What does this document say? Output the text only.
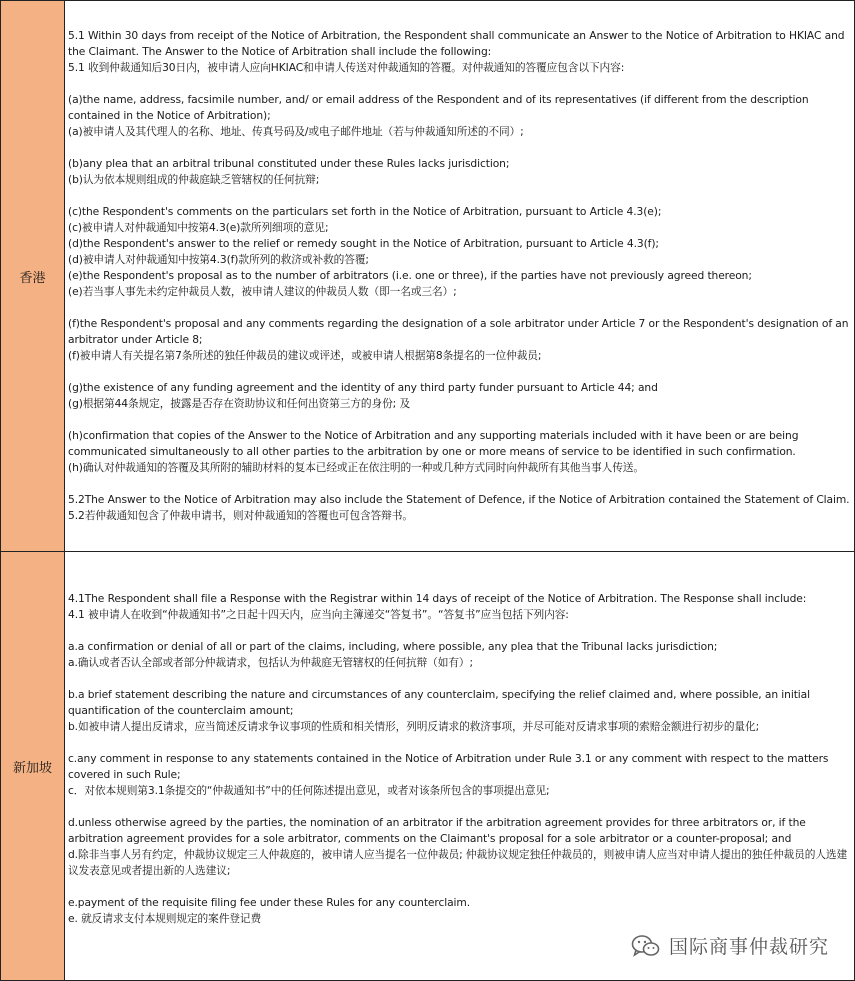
香港

5.1 Within 30 days from receipt of the Notice of Arbitration, the Respondent shall communicate an Answer to the Notice of Arbitration to HKIAC and the Claimant. The Answer to the Notice of Arbitration shall include the following:

5.1 收到仲裁通知后30日内，被申请人应向HKIAC和申请人传送对仲裁通知的答覆。对仲裁通知的答覆应包含以下内容:

(a)the name, address, facsimile number, and/ or email address of the Respondent and of its representatives (if different from the description contained in the Notice of Arbitration);

(a)被申请人及其代理人的名称、地址、传真号码及/或电子邮件地址（若与仲裁通知所述的不同）;

(b)any plea that an arbitral tribunal constituted under these Rules lacks jurisdiction;

(b)认为依本规则组成的仲裁庭缺乏管辖权的任何抗辩;

(c)the Respondent's comments on the particulars set forth in the Notice of Arbitration, pursuant to Article 4.3(e);

(c)被申请人对仲裁通知中按第4.3(e)款所列细项的意见;

(d)the Respondent's answer to the relief or remedy sought in the Notice of Arbitration, pursuant to Article 4.3(f);

(d)被申请人对仲裁通知中按第4.3(f)款所列的救济或补救的答覆;

(e)the Respondent's proposal as to the number of arbitrators (i.e. one or three), if the parties have not previously agreed thereon;

(e)若当事人事先未约定仲裁员人数，被申请人建议的仲裁员人数（即一名或三名）;

(f)the Respondent's proposal and any comments regarding the designation of a sole arbitrator under Article 7 or the Respondent's designation of an arbitrator under Article 8;

(f)被申请人有关提名第7条所述的独任仲裁员的建议或评述，或被申请人根据第8条提名的一位仲裁员;

(g)the existence of any funding agreement and the identity of any third party funder pursuant to Article 44; and

(g)根据第44条规定，披露是否存在资助协议和任何出资第三方的身份; 及

(h)confirmation that copies of the Answer to the Notice of Arbitration and any supporting materials included with it have been or are being communicated simultaneously to all other parties to the arbitration by one or more means of service to be identified in such confirmation.

(h)确认对仲裁通知的答覆及其所附的辅助材料的复本已经或正在依注明的一种或几种方式同时向仲裁所有其他当事人传送。

5.2The Answer to the Notice of Arbitration may also include the Statement of Defence, if the Notice of Arbitration contained the Statement of Claim.

5.2若仲裁通知包含了仲裁申请书，则对仲裁通知的答覆也可包含答辩书。

新加坡

4.1The Respondent shall file a Response with the Registrar within 14 days of receipt of the Notice of Arbitration. The Response shall include:

4.1 被申请人在收到“仲裁通知书”之日起十四天内，应当向主簿递交“答复书”。“答复书”应当包括下列内容:

a.a confirmation or denial of all or part of the claims, including, where possible, any plea that the Tribunal lacks jurisdiction;

a.确认或者否认全部或者部分仲裁请求，包括认为仲裁庭无管辖权的任何抗辩（如有）;

b.a brief statement describing the nature and circumstances of any counterclaim, specifying the relief claimed and, where possible, an initial quantification of the counterclaim amount;

b.如被申请人提出反请求，应当简述反请求争议事项的性质和相关情形，列明反请求的救济事项，并尽可能对反请求事项的索赔金额进行初步的量化;

c.any comment in response to any statements contained in the Notice of Arbitration under Rule 3.1 or any comment with respect to the matters covered in such Rule;

c．对依本规则第3.1条提交的“仲裁通知书”中的任何陈述提出意见，或者对该条所包含的事项提出意见;

d.unless otherwise agreed by the parties, the nomination of an arbitrator if the arbitration agreement provides for three arbitrators or, if the arbitration agreement provides for a sole arbitrator, comments on the Claimant's proposal for a sole arbitrator or a counter-proposal; and

d.除非当事人另有约定，仲裁协议规定三人仲裁庭的，被申请人应当提名一位仲裁员; 仲裁协议规定独任仲裁员的，则被申请人应当对申请人提出的独任仲裁员的人选建议发表意见或者提出新的人选建议;

e.payment of the requisite filing fee under these Rules for any counterclaim.

e. 就反请求支付本规则规定的案件登记费

国际商事仲裁研究
